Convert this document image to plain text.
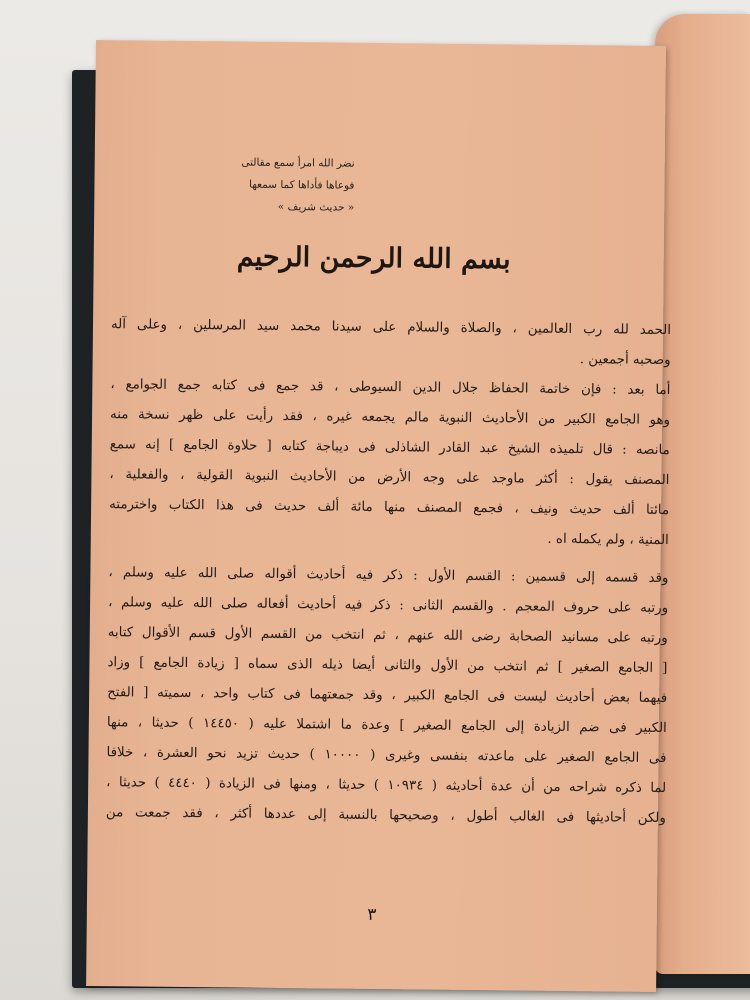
نضر الله امرأ سمع مقالتى
فوعاها فأداها كما سمعها
« حديث شريف »
بسم الله الرحمن الرحيم
الحمد لله رب العالمين ، والصلاة والسلام على سيدنا محمد سيد المرسلين ، وعلى آله
وصحبه أجمعين .
أما بعد : فإن خاتمة الحفاظ جلال الدين السيوطى ، قد جمع فى كتابه جمع الجوامع ،
وهو الجامع الكبير من الأحاديث النبوية مالم يجمعه غيره ، فقد رأيت على ظهر نسخة منه
مانصه : قال تلميذه الشيخ عبد القادر الشاذلى فى ديباجة كتابه [ حلاوة الجامع ] إنه سمع
المصنف يقول : أكثر ماوجد على وجه الأرض من الأحاديث النبوية القولية ، والفعلية ،
مائتا ألف حديث ونيف ، فجمع المصنف منها مائة ألف حديث فى هذا الكتاب واخترمته
المنية ، ولم يكمله اه .
وقد قسمه إلى قسمين : القسم الأول : ذكر فيه أحاديث أقواله صلى الله عليه وسلم ،
ورتبه على حروف المعجم . والقسم الثانى : ذكر فيه أحاديث أفعاله صلى الله عليه وسلم ،
ورتبه على مسانيد الصحابة رضى الله عنهم ، ثم انتخب من القسم الأول قسم الأقوال كتابه
[ الجامع الصغير ] ثم انتخب من الأول والثانى أيضا ذيله الذى سماه [ زيادة الجامع ] وزاد
فيهما بعض أحاديث ليست فى الجامع الكبير ، وقد جمعتهما فى كتاب واحد ، سميته [ الفتح
الكبير فى ضم الزيادة إلى الجامع الصغير ] وعدة ما اشتملا عليه ( ١٤٤٥٠ ) حديثا ، منها
فى الجامع الصغير على ماعدته بنفسى وغيرى ( ١٠٠٠٠ ) حديث تزيد نحو العشرة ، خلافا
لما ذكره شراحه من أن عدة أحاديثه ( ١٠٩٣٤ ) حديثا ، ومنها فى الزيادة ( ٤٤٤٠ ) حديثا ،
ولكن أحاديثها فى الغالب أطول ، وصحيحها بالنسبة إلى عددها أكثر ، فقد جمعت من
٣
